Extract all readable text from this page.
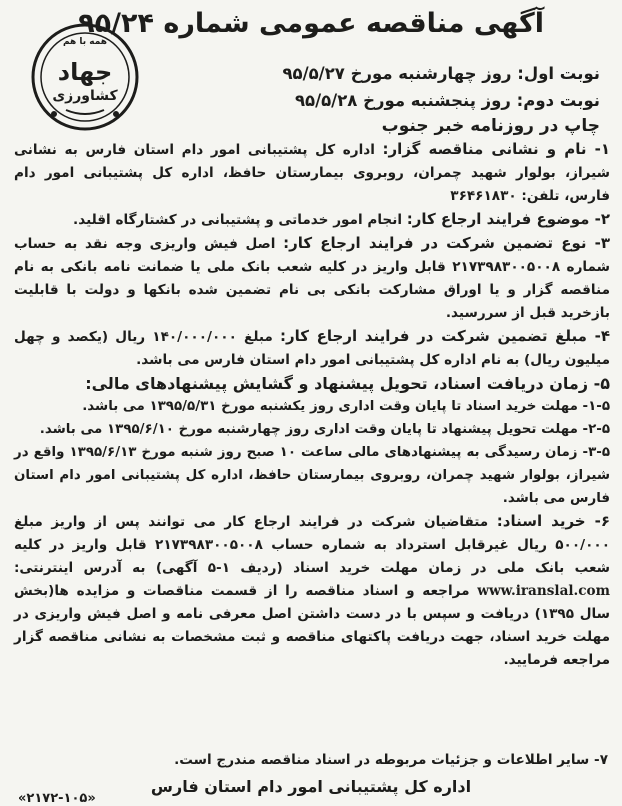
همه با هم
جهاد
کشاورزی
آگهی مناقصه عمومی شماره ۹۵/۲۴
نوبت اول: روز چهارشنبه مورخ ۹۵/۵/۲۷
نوبت دوم: روز پنجشنبه مورخ ۹۵/۵/۲۸
چاپ در روزنامه خبر جنوب

۱- نام و نشانی مناقصه گزار: اداره کل پشتیبانی امور دام استان فارس به نشانی شیراز، بولوار شهید چمران، روبروی بیمارستان حافظ، اداره کل پشتیبانی امور دام فارس، تلفن: ۳۶۴۶۱۸۳۰

۲- موضوع فرایند ارجاع کار: انجام امور خدماتی و پشتیبانی در کشتارگاه اقلید.

۳- نوع تضمین شرکت در فرایند ارجاع کار: اصل فیش واریزی وجه نقد به حساب شماره ۲۱۷۳۹۸۳۰۰۵۰۰۸ قابل واریز در کلیه شعب بانک ملی یا ضمانت نامه بانکی به نام مناقصه گزار و یا اوراق مشارکت بانکی بی نام تضمین شده بانکها و دولت با قابلیت بازخرید قبل از سررسید.

۴- مبلغ تضمین شرکت در فرایند ارجاع کار: مبلغ ۱۴۰/۰۰۰/۰۰۰ ریال (یکصد و چهل میلیون ریال) به نام اداره کل پشتیبانی امور دام استان فارس می باشد.

۵- زمان دریافت اسناد، تحویل پیشنهاد و گشایش پیشنهادهای مالی:

۱-۵- مهلت خرید اسناد تا پایان وقت اداری روز یکشنبه مورخ ۱۳۹۵/۵/۳۱ می باشد.

۲-۵- مهلت تحویل پیشنهاد تا پایان وقت اداری روز چهارشنبه مورخ ۱۳۹۵/۶/۱۰ می باشد.

۳-۵- زمان رسیدگی به پیشنهادهای مالی ساعت ۱۰ صبح روز شنبه مورخ ۱۳۹۵/۶/۱۳ واقع در شیراز، بولوار شهید چمران، روبروی بیمارستان حافظ، اداره کل پشتیبانی امور دام استان فارس می باشد.

۶- خرید اسناد: متقاضیان شرکت در فرایند ارجاع کار می توانند پس از واریز مبلغ ۵۰۰/۰۰۰ ریال غیرقابل استرداد به شماره حساب ۲۱۷۳۹۸۳۰۰۵۰۰۸ قابل واریز در کلیه شعب بانک ملی در زمان مهلت خرید اسناد (ردیف ۱-۵ آگهی) به آدرس اینترنتی: www.iranslal.com مراجعه و اسناد مناقصه را از قسمت مناقصات و مزایده ها(بخش سال ۱۳۹۵) دریافت و سپس با در دست داشتن اصل معرفی نامه و اصل فیش واریزی در مهلت خرید اسناد، جهت دریافت پاکتهای مناقصه و ثبت مشخصات به نشانی مناقصه گزار مراجعه فرمایید.

۷- سایر اطلاعات و جزئیات مربوطه در اسناد مناقصه مندرج است.
اداره کل پشتیبانی امور دام استان فارس
«۲۱۷۲-۱۰۵»
